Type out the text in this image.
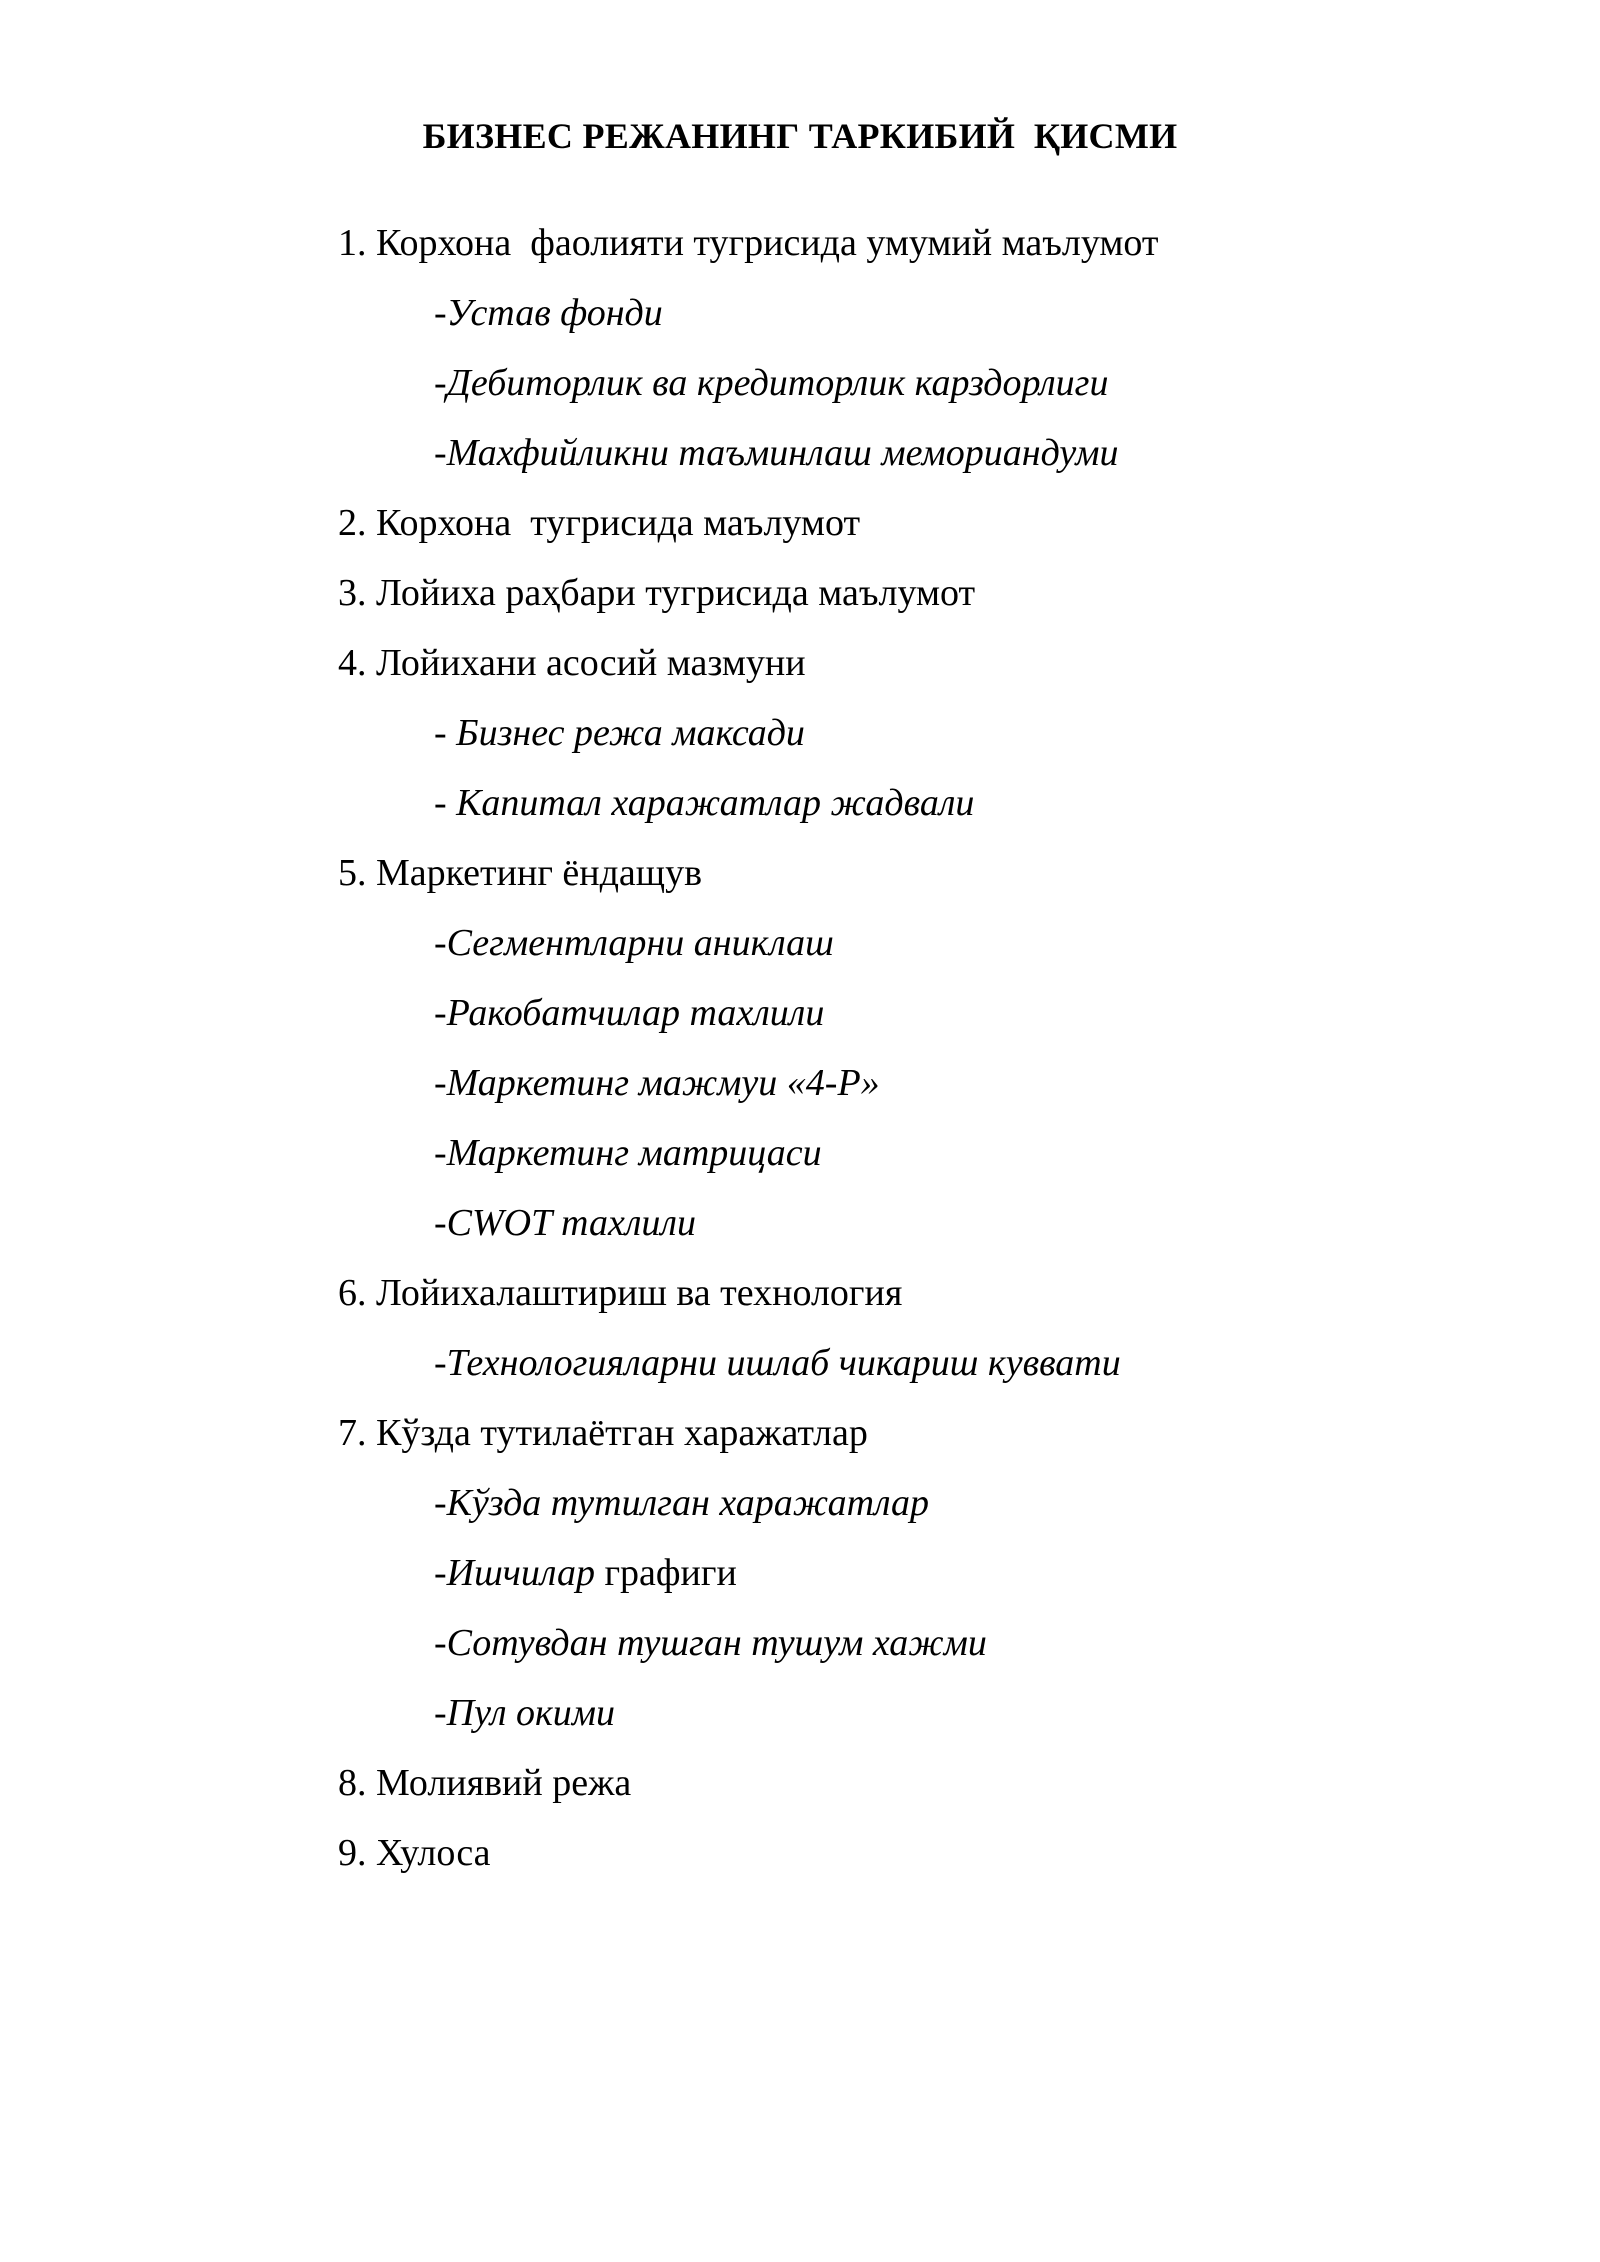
БИЗНЕС РЕЖАНИНГ ТАРКИБИЙ  ҚИСМИ
1. Корхона  фаолияти тугрисида умумий маълумот
-Устав фонди
-Дебиторлик ва кредиторлик карздорлиги
-Махфийликни таъминлаш мемориандуми
2. Корхона  тугрисида маълумот
3. Лойиха раҳбари тугрисида маълумот
4. Лойихани асосий мазмуни
- Бизнес режа максади
- Капитал харажатлар жадвали
5. Маркетинг ёндащув
-Сегментларни аниклаш
-Ракобатчилар тахлили
-Маркетинг мажмуи «4-Р»
-Маркетинг матрицаси
-CWOT тахлили
6. Лойихалаштириш ва технология
-Технологияларни ишлаб чикариш куввати
7. Кўзда тутилаётган харажатлар
-Кўзда тутилган харажатлар
-Ишчилар графиги
-Сотувдан тушган тушум хажми
-Пул окими
8. Молиявий режа
9. Хулоса
